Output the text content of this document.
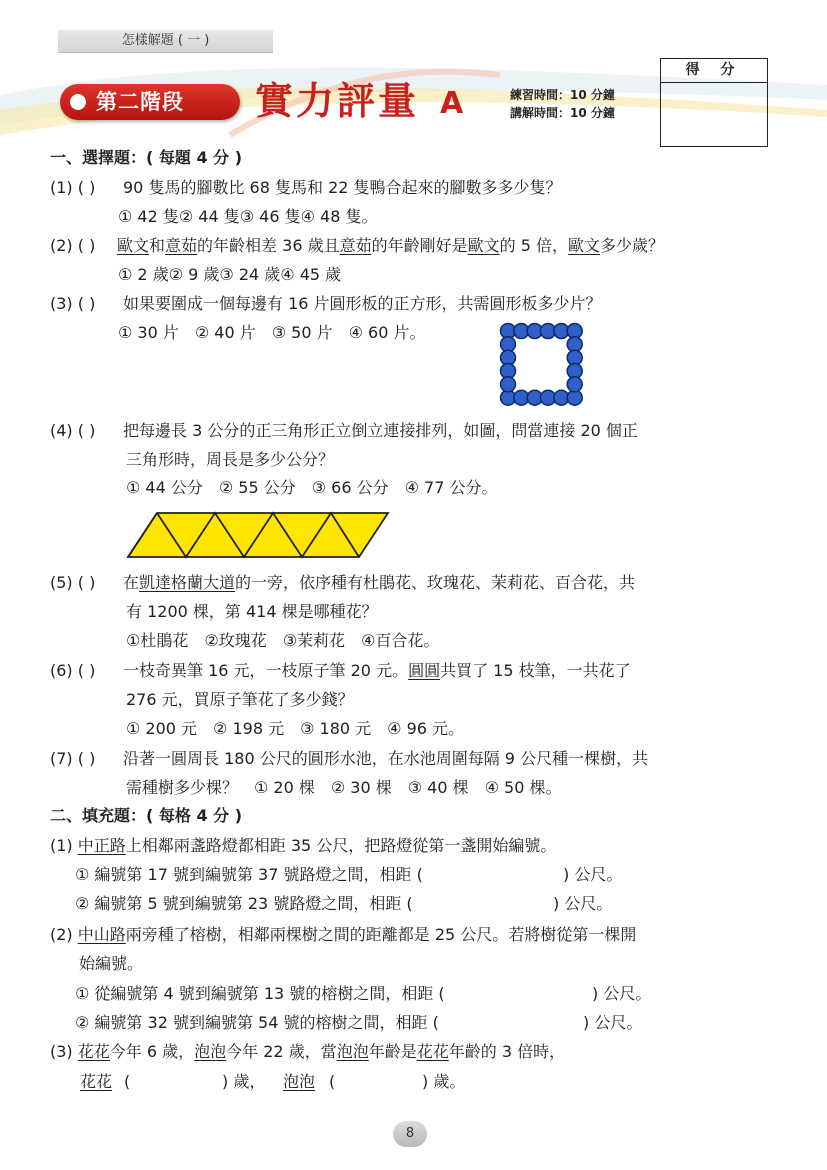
怎樣解題 ( 一 )
第二階段 實力評量 A	練習時間：10 分鐘
講解時間：10 分鐘
得 分
一、選擇題：( 每題 4 分 )
(1) ( ) 90 隻馬的腳數比 68 隻馬和 22 隻鴨合起來的腳數多多少隻？
① 42 隻② 44 隻③ 46 隻④ 48 隻。
(2) ( ) 歐文和意茹的年齡相差 36 歲且意茹的年齡剛好是歐文的 5 倍，歐文多少歲？
① 2 歲② 9 歲③ 24 歲④ 45 歲
(3) ( ) 如果要圍成一個每邊有 16 片圓形板的正方形，共需圓形板多少片？
① 30 片　② 40 片　③ 50 片　④ 60 片。
(4) ( ) 把每邊長 3 公分的正三角形正立倒立連接排列，如圖，問當連接 20 個正
三角形時，周長是多少公分？
① 44 公分　② 55 公分　③ 66 公分　④ 77 公分。
(5) ( ) 在凱達格蘭大道的一旁，依序種有杜鵑花、玫瑰花、茉莉花、百合花，共
有 1200 棵，第 414 棵是哪種花？
①杜鵑花　②玫瑰花　③茉莉花　④百合花。
(6) ( ) 一枝奇異筆 16 元，一枝原子筆 20 元。圓圓共買了 15 枝筆，一共花了
276 元，買原子筆花了多少錢？
① 200 元　② 198 元　③ 180 元　④ 96 元。
(7) ( ) 沿著一圓周長 180 公尺的圓形水池，在水池周圍每隔 9 公尺種一棵樹，共
需種樹多少棵？　① 20 棵　② 30 棵　③ 40 棵　④ 50 棵。
二、填充題：( 每格 4 分 )
(1) 中正路上相鄰兩盞路燈都相距 35 公尺，把路燈從第一盞開始編號。
① 編號第 17 號到編號第 37 號路燈之間，相距 (	) 公尺。
② 編號第 5 號到編號第 23 號路燈之間，相距 (	) 公尺。
(2) 中山路兩旁種了榕樹，相鄰兩棵樹之間的距離都是 25 公尺。若將樹從第一棵開
始編號。
① 從編號第 4 號到編號第 13 號的榕樹之間，相距 (	) 公尺。
② 編號第 32 號到編號第 54 號的榕樹之間，相距 (	) 公尺。
(3) 花花今年 6 歲，泡泡今年 22 歲，當泡泡年齡是花花年齡的 3 倍時，
花花 (	) 歲， 泡泡 (	) 歲。
8
